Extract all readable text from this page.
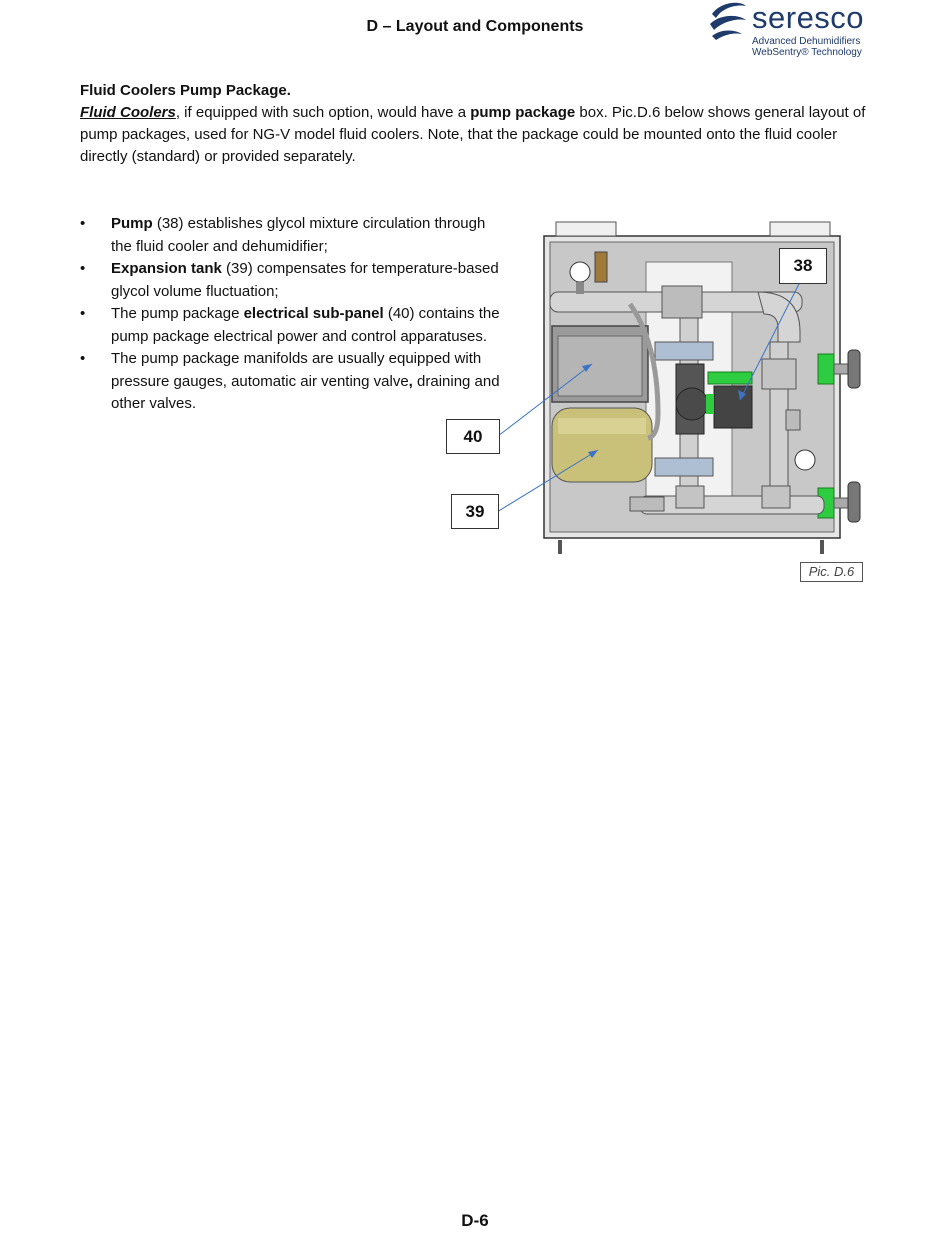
D – Layout and Components	seresco
Advanced Dehumidifiers
WebSentry® Technology

Fluid Coolers Pump Package.

Fluid Coolers, if equipped with such option, would have a pump package box. Pic.D.6 below shows general layout of pump packages, used for NG-V model fluid coolers. Note, that the package could be mounted onto the fluid cooler directly (standard) or provided separately.

• Pump (38) establishes glycol mixture circulation through the fluid cooler and dehumidifier;
• Expansion tank (39) compensates for temperature-based glycol volume fluctuation;
• The pump package electrical sub-panel (40) contains the pump package electrical power and control apparatuses.
• The pump package manifolds are usually equipped with pressure gauges, automatic air venting valve, draining and other valves.
38
40
39
Pic. D.6
D-6
